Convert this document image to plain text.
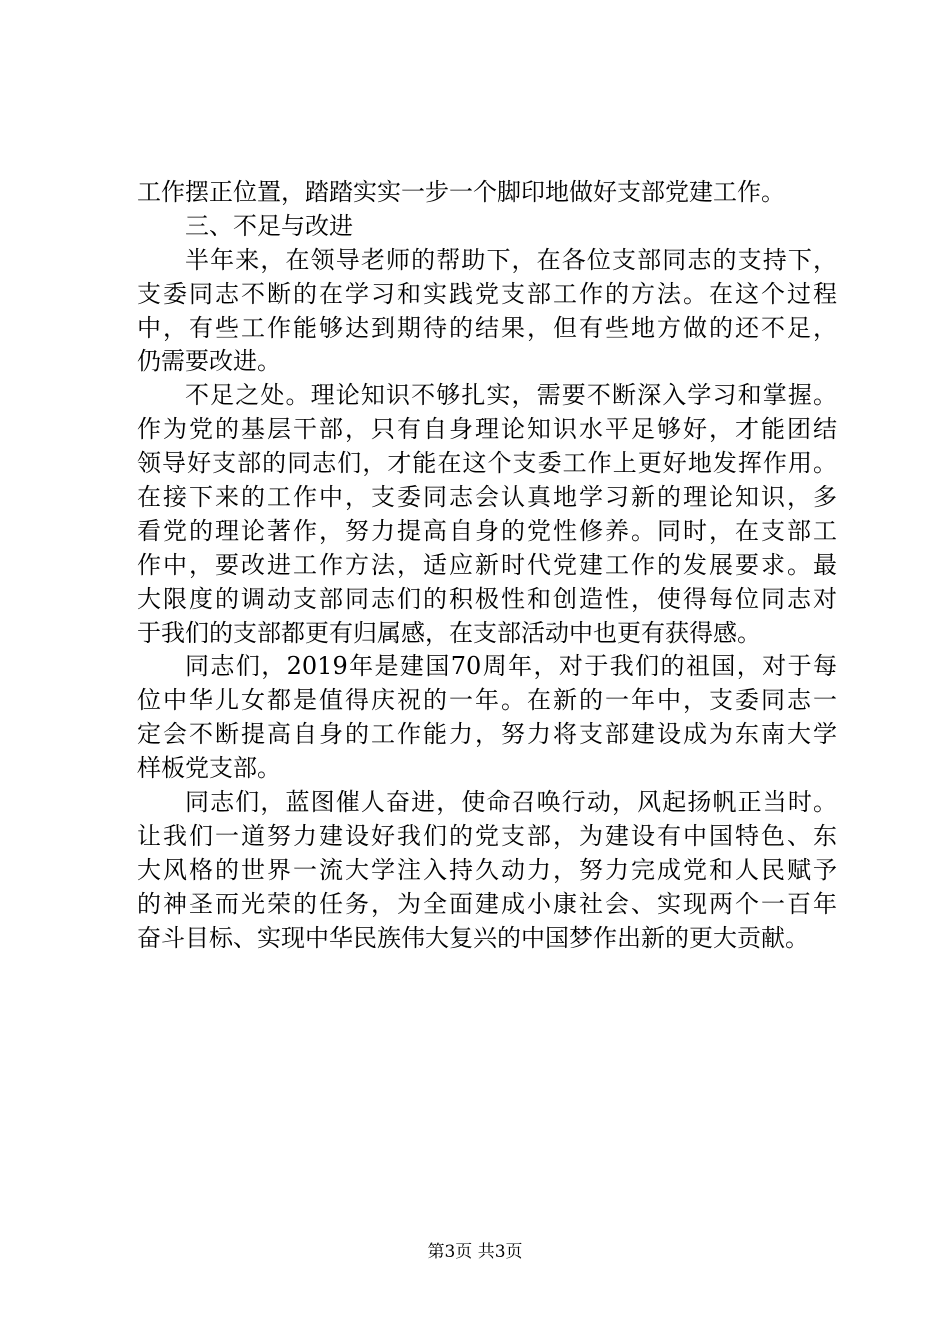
工作摆正位置，踏踏实实一步一个脚印地做好支部党建工作。
三、不足与改进
半年来，在领导老师的帮助下，在各位支部同志的支持下，
支委同志不断的在学习和实践党支部工作的方法。在这个过程
中，有些工作能够达到期待的结果，但有些地方做的还不足，
仍需要改进。
不足之处。理论知识不够扎实，需要不断深入学习和掌握。
作为党的基层干部，只有自身理论知识水平足够好，才能团结
领导好支部的同志们，才能在这个支委工作上更好地发挥作用。
在接下来的工作中，支委同志会认真地学习新的理论知识，多
看党的理论著作，努力提高自身的党性修养。同时，在支部工
作中，要改进工作方法，适应新时代党建工作的发展要求。最
大限度的调动支部同志们的积极性和创造性，使得每位同志对
于我们的支部都更有归属感，在支部活动中也更有获得感。
同志们，2019年是建国70周年，对于我们的祖国，对于每
位中华儿女都是值得庆祝的一年。在新的一年中，支委同志一
定会不断提高自身的工作能力，努力将支部建设成为东南大学
样板党支部。
同志们，蓝图催人奋进，使命召唤行动，风起扬帆正当时。
让我们一道努力建设好我们的党支部，为建设有中国特色、东
大风格的世界一流大学注入持久动力，努力完成党和人民赋予
的神圣而光荣的任务，为全面建成小康社会、实现两个一百年
奋斗目标、实现中华民族伟大复兴的中国梦作出新的更大贡献。
第3页 共3页
